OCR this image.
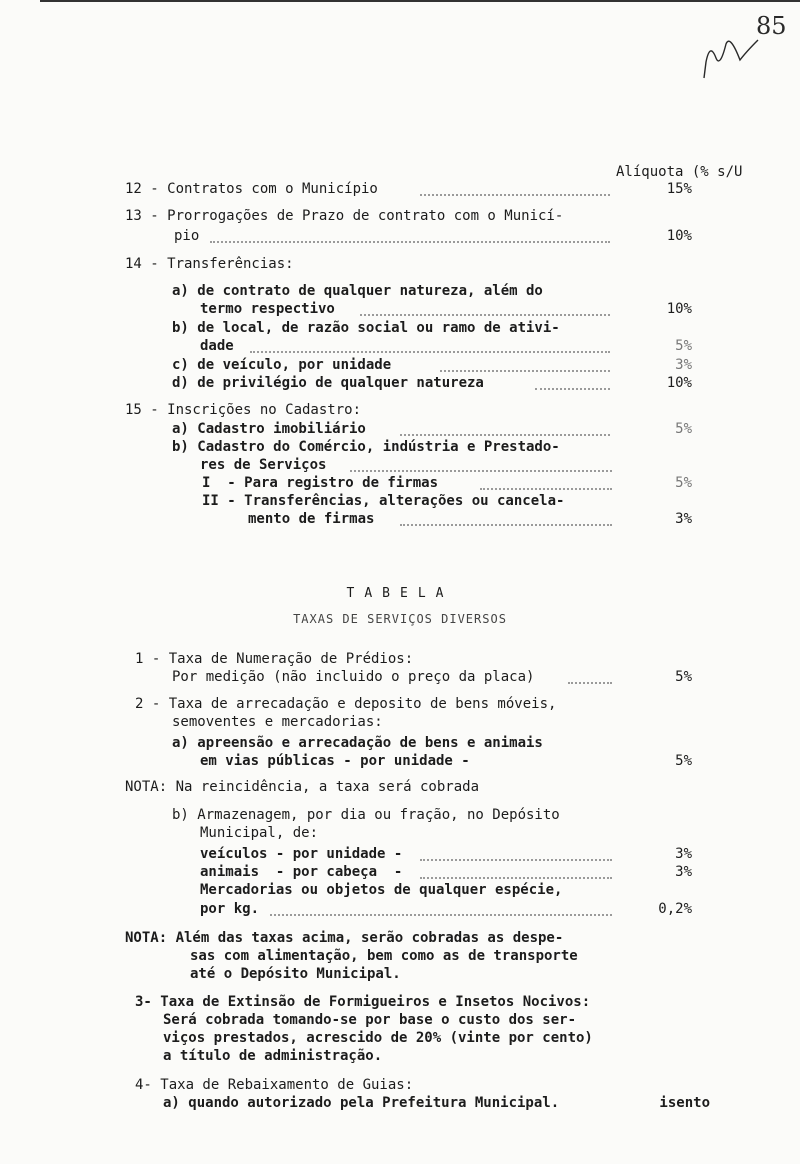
85
Alíquota (% s/U
12 - Contratos com o Município	15%
13 - Prorrogações de Prazo de contrato com o Municí-
pio	10%
14 - Transferências:
a) de contrato de qualquer natureza, além do
termo respectivo	10%
b) de local, de razão social ou ramo de ativi-
dade	5%
c) de veículo, por unidade	3%
d) de privilégio de qualquer natureza	10%
15 - Inscrições no Cadastro:
a) Cadastro imobiliário	5%
b) Cadastro do Comércio, indústria e Prestado-
res de Serviços
I  - Para registro de firmas	5%
II - Transferências, alterações ou cancela-
mento de firmas	3%
TABELA
TAXAS DE SERVIÇOS DIVERSOS
1 - Taxa de Numeração de Prédios:
Por medição (não incluido o preço da placa)	5%
2 - Taxa de arrecadação e deposito de bens móveis,
semoventes e mercadorias:
a) apreensão e arrecadação de bens e animais
em vias públicas - por unidade -	5%
NOTA: Na reincidência, a taxa será cobrada
b) Armazenagem, por dia ou fração, no Depósito
Municipal, de:
veículos - por unidade -	3%
animais  - por cabeça  -	3%
Mercadorias ou objetos de qualquer espécie,
por kg.	0,2%
NOTA: Além das taxas acima, serão cobradas as despe-
sas com alimentação, bem como as de transporte
até o Depósito Municipal.
3- Taxa de Extinsão de Formigueiros e Insetos Nocivos:
Será cobrada tomando-se por base o custo dos ser-
viços prestados, acrescido de 20% (vinte por cento)
a título de administração.
4- Taxa de Rebaixamento de Guias:
a) quando autorizado pela Prefeitura Municipal.	isento
